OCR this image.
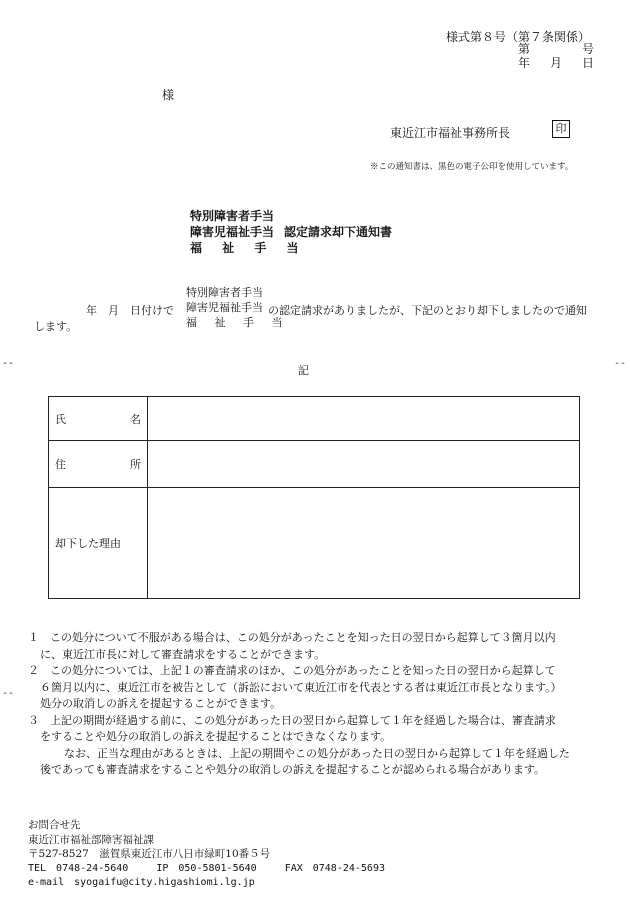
様式第８号（第７条関係）
第	号
年 月 日
様
東近江市福祉事務所長	印
※この通知書は、黒色の電子公印を使用しています。
特別障害者手当
障害児福祉手当 認定請求却下通知書
福 祉 手 当
年　月　日付けで
特別障害者手当
障害児福祉手当
福 祉 手 当
の認定請求がありましたが、下記のとおり却下しましたので通知
します。
--	--
--
記
氏 名	

住 所	

却下した理由	

１　この処分について不服がある場合は、この処分があったことを知った日の翌日から起算して３箇月以内

に、東近江市長に対して審査請求をすることができます。

２　この処分については、上記１の審査請求のほか、この処分があったことを知った日の翌日から起算して

６箇月以内に、東近江市を被告として（訴訟において東近江市を代表とする者は東近江市長となります。）

処分の取消しの訴えを提起することができます。

３　上記の期間が経過する前に、この処分があった日の翌日から起算して１年を経過した場合は、審査請求

をすることや処分の取消しの訴えを提起することはできなくなります。

なお、正当な理由があるときは、上記の期間やこの処分があった日の翌日から起算して１年を経過した

後であっても審査請求をすることや処分の取消しの訴えを提起することが認められる場合があります。

お問合せ先
東近江市福祉部障害福祉課
〒527-8527　滋賀県東近江市八日市緑町10番５号
TEL　0748-24-5640	IP　050-5801-5640	FAX　0748-24-5693
e-mail　syogaifu@city.higashiomi.lg.jp
